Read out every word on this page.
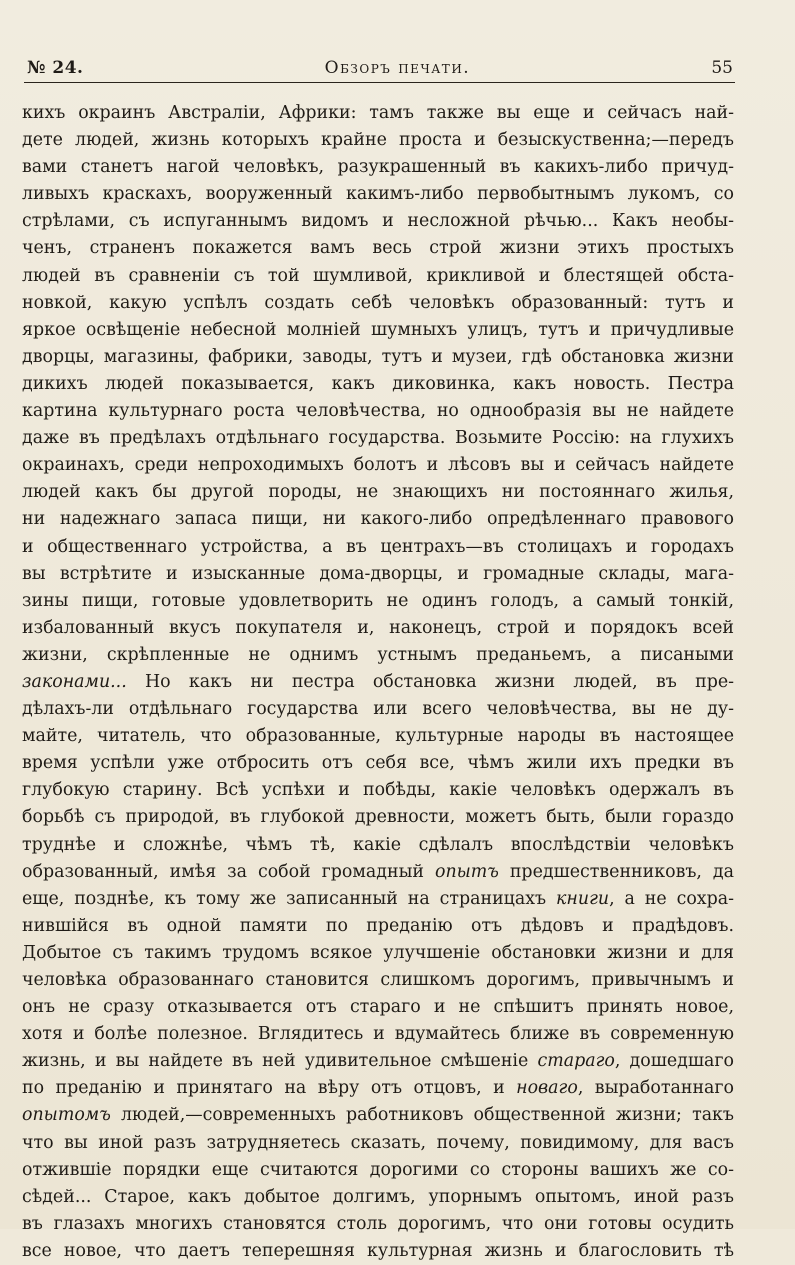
№ 24.	Обзоръ печати.	55
кихъ окраинъ Австраліи, Африки: тамъ также вы еще и сейчасъ най-
дете людей, жизнь которыхъ крайне проста и безыскуственна;—передъ
вами станетъ нагой человѣкъ, разукрашенный въ какихъ-либо причуд-
ливыхъ краскахъ, вооруженный какимъ-либо первобытнымъ лукомъ, со
стрѣлами, съ испуганнымъ видомъ и несложной рѣчью... Какъ необы-
ченъ, страненъ покажется вамъ весь строй жизни этихъ простыхъ
людей въ сравненіи съ той шумливой, крикливой и блестящей обста-
новкой, какую успѣлъ создать себѣ человѣкъ образованный: тутъ и
яркое освѣщеніе небесной молніей шумныхъ улицъ, тутъ и причудливые
дворцы, магазины, фабрики, заводы, тутъ и музеи, гдѣ обстановка жизни
дикихъ людей показывается, какъ диковинка, какъ новость. Пестра
картина культурнаго роста человѣчества, но однообразія вы не найдете
даже въ предѣлахъ отдѣльнаго государства. Возьмите Россію: на глухихъ
окраинахъ, среди непроходимыхъ болотъ и лѣсовъ вы и сейчасъ найдете
людей какъ бы другой породы, не знающихъ ни постояннаго жилья,
ни надежнаго запаса пищи, ни какого-либо опредѣленнаго правового
и общественнаго устройства, а въ центрахъ—въ столицахъ и городахъ
вы встрѣтите и изысканные дома-дворцы, и громадные склады, мага-
зины пищи, готовые удовлетворить не одинъ голодъ, а самый тонкій,
избалованный вкусъ покупателя и, наконецъ, строй и порядокъ всей
жизни, скрѣпленные не однимъ устнымъ преданьемъ, а писаными
законами... Но какъ ни пестра обстановка жизни людей, въ пре-
дѣлахъ-ли отдѣльнаго государства или всего человѣчества, вы не ду-
майте, читатель, что образованные, культурные народы въ настоящее
время успѣли уже отбросить отъ себя все, чѣмъ жили ихъ предки въ
глубокую старину. Всѣ успѣхи и побѣды, какіе человѣкъ одержалъ въ
борьбѣ съ природой, въ глубокой древности, можетъ быть, были гораздо
труднѣе и сложнѣе, чѣмъ тѣ, какіе сдѣлалъ впослѣдствіи человѣкъ
образованный, имѣя за собой громадный опытъ предшественниковъ, да
еще, позднѣе, къ тому же записанный на страницахъ книги, а не сохра-
нившійся въ одной памяти по преданію отъ дѣдовъ и прадѣдовъ.
Добытое съ такимъ трудомъ всякое улучшеніе обстановки жизни и для
человѣка образованнаго становится слишкомъ дорогимъ, привычнымъ и
онъ не сразу отказывается отъ стараго и не спѣшитъ принять новое,
хотя и болѣе полезное. Вглядитесь и вдумайтесь ближе въ современную
жизнь, и вы найдете въ ней удивительное смѣшеніе стараго, дошедшаго
по преданію и принятаго на вѣру отъ отцовъ, и новаго, выработаннаго
опытомъ людей,—современныхъ работниковъ общественной жизни; такъ
что вы иной разъ затрудняетесь сказать, почему, повидимому, для васъ
отжившіе порядки еще считаются дорогими со стороны вашихъ же со-
сѣдей... Старое, какъ добытое долгимъ, упорнымъ опытомъ, иной разъ
въ глазахъ многихъ становятся столь дорогимъ, что они готовы осудить
все новое, что даетъ теперешняя культурная жизнь и благословить тѣ
